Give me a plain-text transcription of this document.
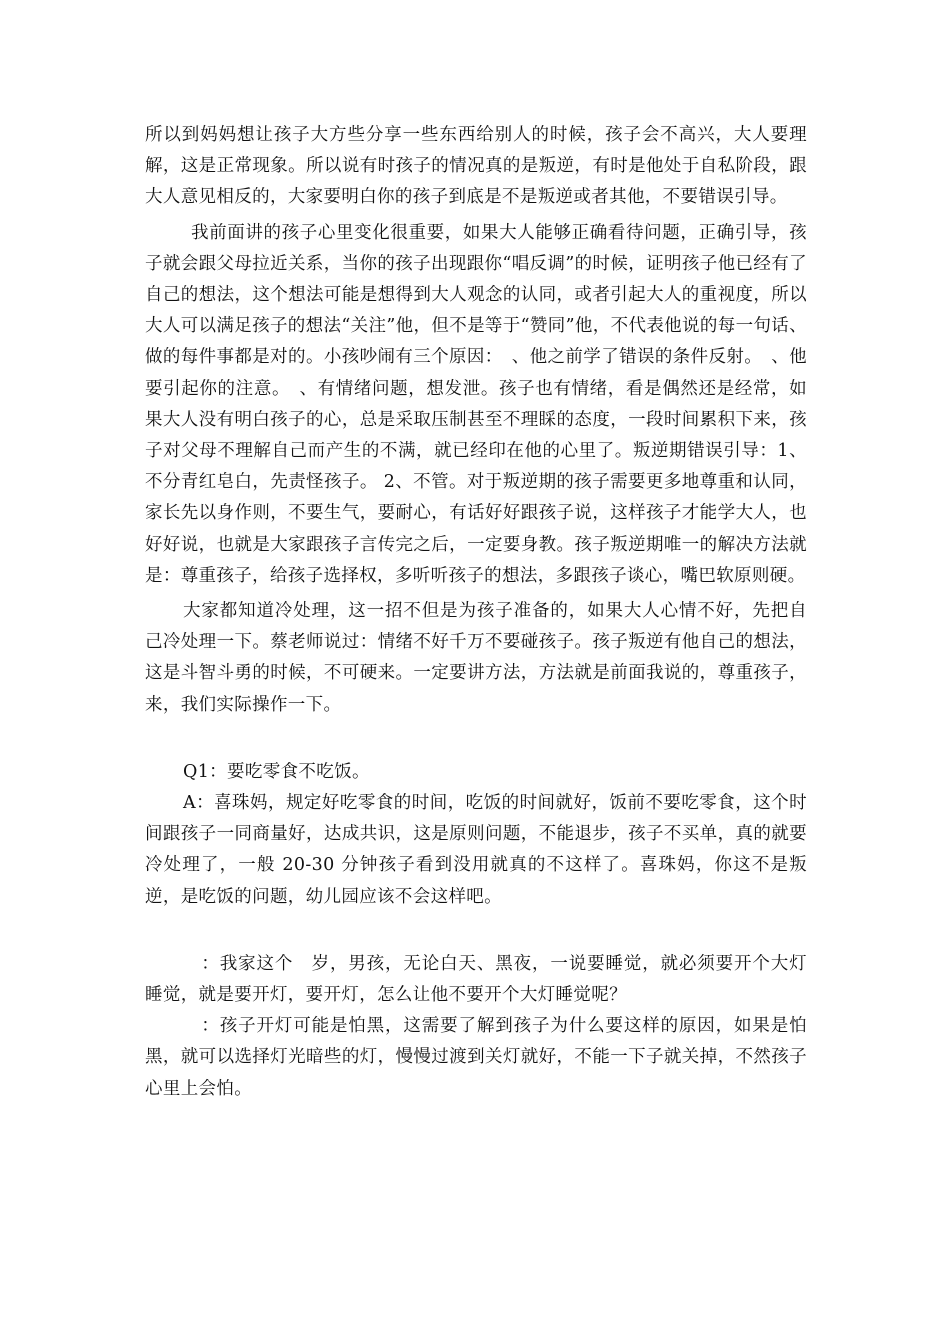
所以到妈妈想让孩子大方些分享一些东西给别人的时候，孩子会不高兴，大人要理解，这是正常现象。所以说有时孩子的情况真的是叛逆，有时是他处于自私阶段，跟大人意见相反的，大家要明白你的孩子到底是不是叛逆或者其他，不要错误引导。

我前面讲的孩子心里变化很重要，如果大人能够正确看待问题，正确引导，孩子就会跟父母拉近关系，当你的孩子出现跟你“唱反调”的时候，证明孩子他已经有了自己的想法，这个想法可能是想得到大人观念的认同，或者引起大人的重视度，所以大人可以满足孩子的想法“关注”他，但不是等于“赞同”他，不代表他说的每一句话、做的每件事都是对的。小孩吵闹有三个原因：　、他之前学了错误的条件反射。　、他要引起你的注意。　、有情绪问题，想发泄。孩子也有情绪，看是偶然还是经常，如果大人没有明白孩子的心，总是采取压制甚至不理睬的态度，一段时间累积下来，孩子对父母不理解自己而产生的不满，就已经印在他的心里了。叛逆期错误引导：1、不分青红皂白，先责怪孩子。 2、不管。对于叛逆期的孩子需要更多地尊重和认同，家长先以身作则，不要生气，要耐心，有话好好跟孩子说，这样孩子才能学大人，也好好说，也就是大家跟孩子言传完之后，一定要身教。孩子叛逆期唯一的解决方法就是：尊重孩子，给孩子选择权，多听听孩子的想法，多跟孩子谈心，嘴巴软原则硬。

大家都知道冷处理，这一招不但是为孩子准备的，如果大人心情不好，先把自己冷处理一下。蔡老师说过：情绪不好千万不要碰孩子。孩子叛逆有他自己的想法，这是斗智斗勇的时候，不可硬来。一定要讲方法，方法就是前面我说的，尊重孩子，来，我们实际操作一下。

Q1：要吃零食不吃饭。

A：喜珠妈，规定好吃零食的时间，吃饭的时间就好，饭前不要吃零食，这个时间跟孩子一同商量好，达成共识，这是原则问题，不能退步，孩子不买单，真的就要冷处理了，一般 20-30 分钟孩子看到没用就真的不这样了。喜珠妈，你这不是叛逆，是吃饭的问题，幼儿园应该不会这样吧。

　：我家这个　岁，男孩，无论白天、黑夜，一说要睡觉，就必须要开个大灯睡觉，就是要开灯，要开灯，怎么让他不要开个大灯睡觉呢？

　：孩子开灯可能是怕黑，这需要了解到孩子为什么要这样的原因，如果是怕黑，就可以选择灯光暗些的灯，慢慢过渡到关灯就好，不能一下子就关掉，不然孩子心里上会怕。
